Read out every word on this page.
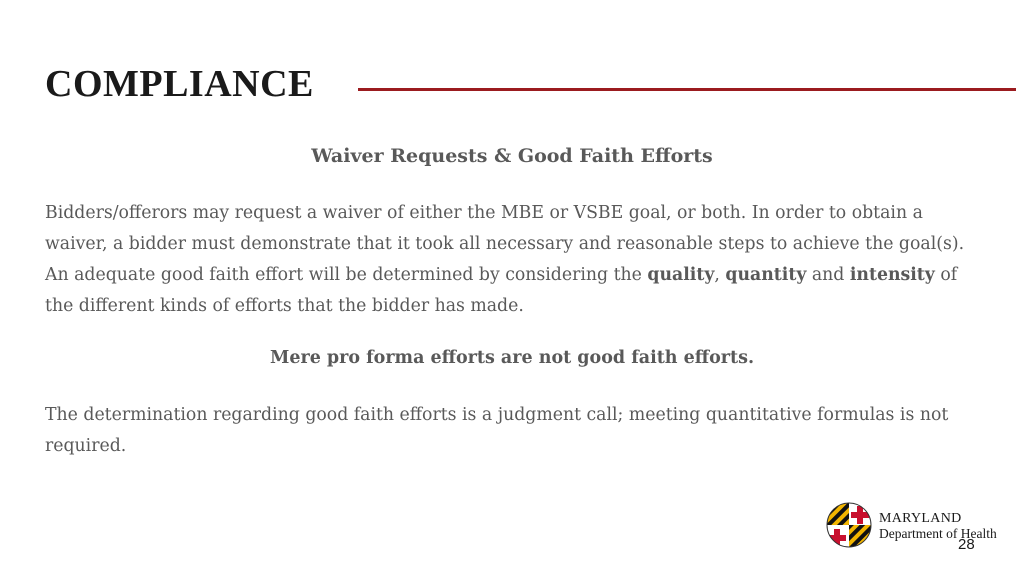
COMPLIANCE
Waiver Requests & Good Faith Efforts
Bidders/offerors may request a waiver of either the MBE or VSBE goal, or both. In order to obtain a waiver, a bidder must demonstrate that it took all necessary and reasonable steps to achieve the goal(s). An adequate good faith effort will be determined by considering the quality, quantity and intensity of the different kinds of efforts that the bidder has made.
Mere pro forma efforts are not good faith efforts.
The determination regarding good faith efforts is a judgment call; meeting quantitative formulas is not required.
MARYLAND
Department of Health
28
